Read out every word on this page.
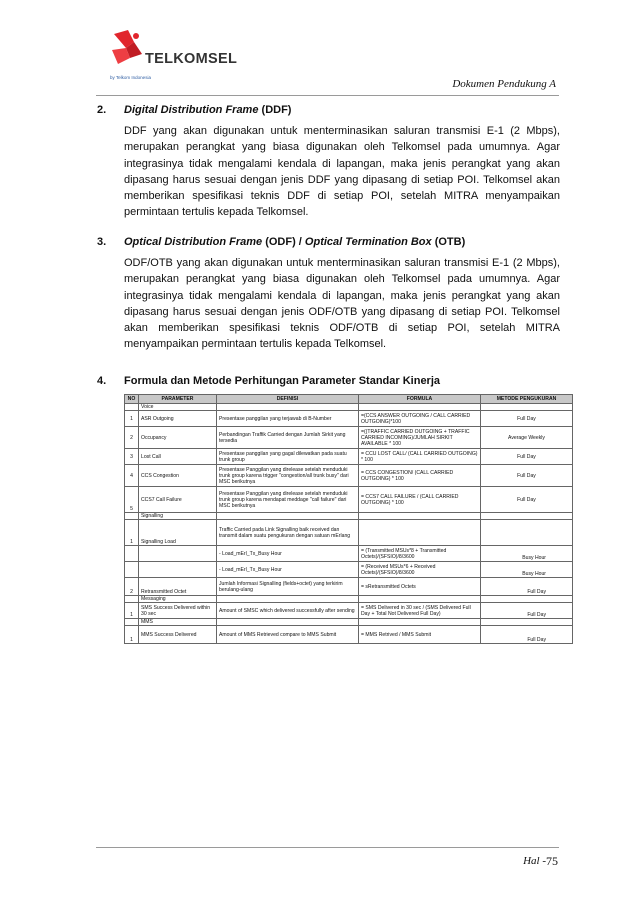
TELKOMSEL
by Telkom Indonesia
Dokumen Pendukung A
2. Digital Distribution Frame (DDF)

DDF yang akan digunakan untuk menterminasikan saluran transmisi E-1 (2 Mbps), merupakan perangkat yang biasa digunakan oleh Telkomsel pada umumnya. Agar integrasinya tidak mengalami kendala di lapangan, maka jenis perangkat yang akan dipasang harus sesuai dengan jenis DDF yang dipasang di setiap POI. Telkomsel akan memberikan spesifikasi teknis DDF di setiap POI, setelah MITRA menyampaikan permintaan tertulis kepada Telkomsel.

3. Optical Distribution Frame (ODF) / Optical Termination Box (OTB)

ODF/OTB yang akan digunakan untuk menterminasikan saluran transmisi E-1 (2 Mbps), merupakan perangkat yang biasa digunakan oleh Telkomsel pada umumnya. Agar integrasinya tidak mengalami kendala di lapangan, maka jenis perangkat yang akan dipasang harus sesuai dengan jenis ODF/OTB yang dipasang di setiap POI. Telkomsel akan memberikan spesifikasi teknis ODF/OTB di setiap POI, setelah MITRA menyampaikan permintaan tertulis kepada Telkomsel.

4. Formula dan Metode Perhitungan Parameter Standar Kinerja
NO	PARAMETER	DEFINISI	FORMULA	METODE PENGUKURAN
	Voice			
1	ASR Outgoing	Presentase panggilan yang terjawab di B-Number	=(CCS ANSWER OUTGOING / CALL CARRIED OUTGOING)*100	Full Day
2	Occupancy	Perbandingan Traffik Carried dengan Jumlah Sirkit yang tersedia	=((TRAFFIC CARRIED OUTGOING + TRAFFIC CARRIED INCOMING)/JUMLAH SIRKIT AVAILABLE * 100	Average Weekly
3	Lost Call	Presentase panggilan yang gagal dilewatkan pada suatu trunk group	= CCU LOST CALL/ (CALL CARRIED OUTGOING) * 100	Full Day
4	CCS Congestion	Presentase Panggilan yang direlease setelah menduduki trunk group karena trigger "congestion/all trunk busy" dari MSC berikutnya	= CCS CONGESTION/ (CALL CARRIED OUTGOING) * 100	Full Day
5	CCS7 Call Failure	Presentase Panggilan yang direlease setelah menduduki trunk group karena mendapat meddage "call failure" dari MSC berikutnya	= CCS7 CALL FAILURE / (CALL CARRIED OUTGOING) * 100	Full Day
	Signalling			
1	Signalling Load	Traffic Carried pada Link Signalling baik received dan transmit dalam suatu pengukuran dengan satuan mErlang		
		- Load_mErl_Tx_Busy Hour	= (Transmitted MSUs*8 + Transmitted Octets)/(SFSIO)/8/3600	Busy Hour
		- Load_mErl_Tx_Busy Hour	= (Received MSUs*6 + Received Octets)/(SFSIO)/8/3600	Busy Hour
2	Retransmitted Octet	Jumlah Informasi Signalling (fields+octet) yang terkirim berulang-ulang	= sRetransmitted Octets	Full Day
	Messaging			
1	SMS Success Delivered within 30 sec	Amount of SMSC which delivered successfully after sending	= SMS Delivered in 30 sec / (SMS Delivered Full Day + Total Not Delivered Full Day)	Full Day
	MMS			
1	MMS Success Delivered	Amount of MMS Retrieved compare to MMS Submit	= MMS Retrived / MMS Submit	Full Day
Hal - 75
